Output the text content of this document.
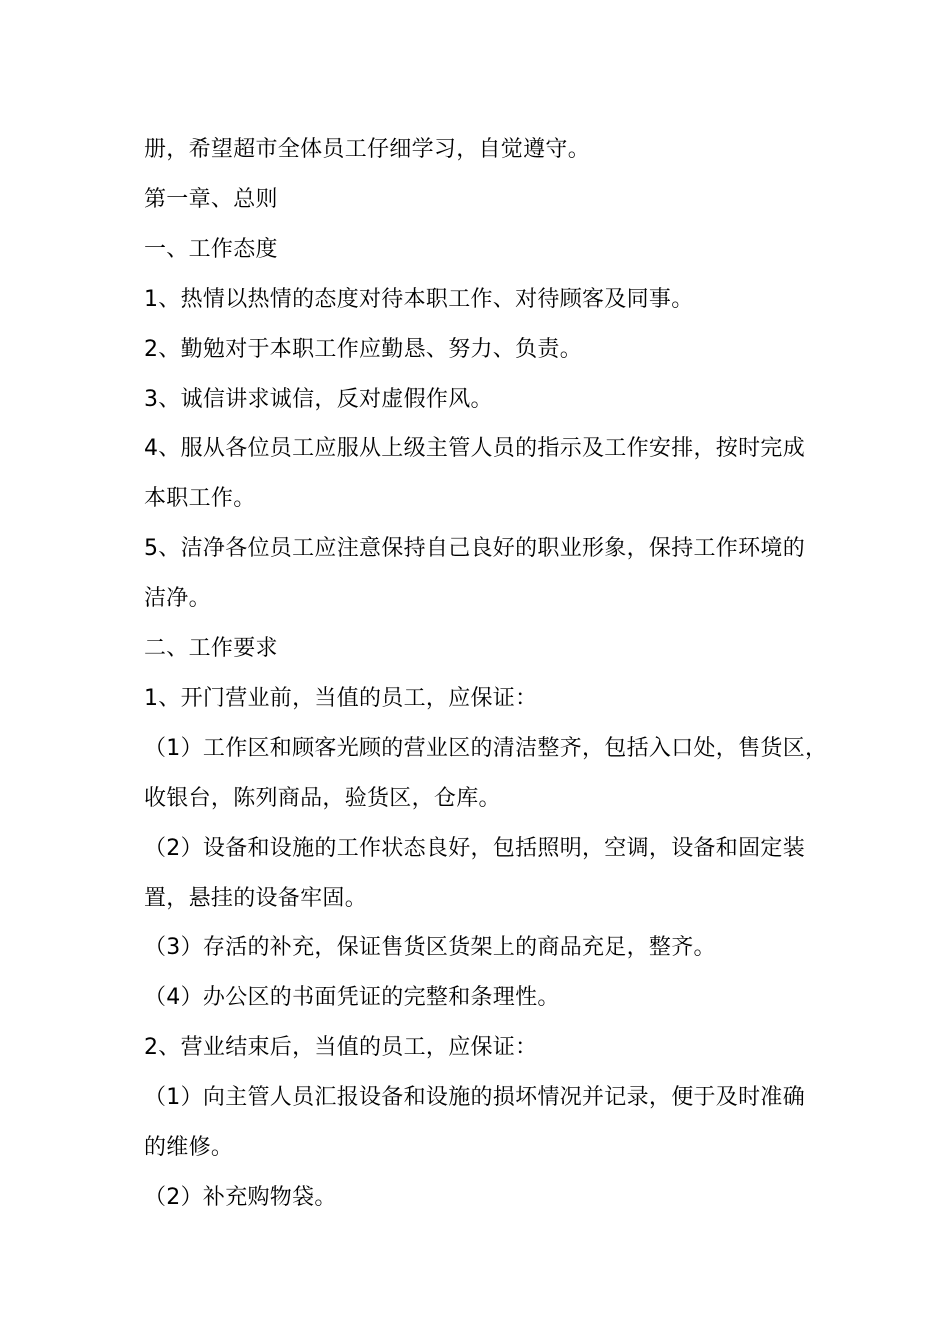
册，希望超市全体员工仔细学习，自觉遵守。

第一章、总则

一、工作态度

1、热情以热情的态度对待本职工作、对待顾客及同事。

2、勤勉对于本职工作应勤恳、努力、负责。

3、诚信讲求诚信，反对虚假作风。

4、服从各位员工应服从上级主管人员的指示及工作安排，按时完成

本职工作。

5、洁净各位员工应注意保持自己良好的职业形象，保持工作环境的

洁净。

二、工作要求

1、开门营业前，当值的员工，应保证：

（1）工作区和顾客光顾的营业区的清洁整齐，包括入口处，售货区，

收银台，陈列商品，验货区，仓库。

（2）设备和设施的工作状态良好，包括照明，空调，设备和固定装

置，悬挂的设备牢固。

（3）存活的补充，保证售货区货架上的商品充足，整齐。

（4）办公区的书面凭证的完整和条理性。

2、营业结束后，当值的员工，应保证：

（1）向主管人员汇报设备和设施的损坏情况并记录，便于及时准确

的维修。

（2）补充购物袋。
